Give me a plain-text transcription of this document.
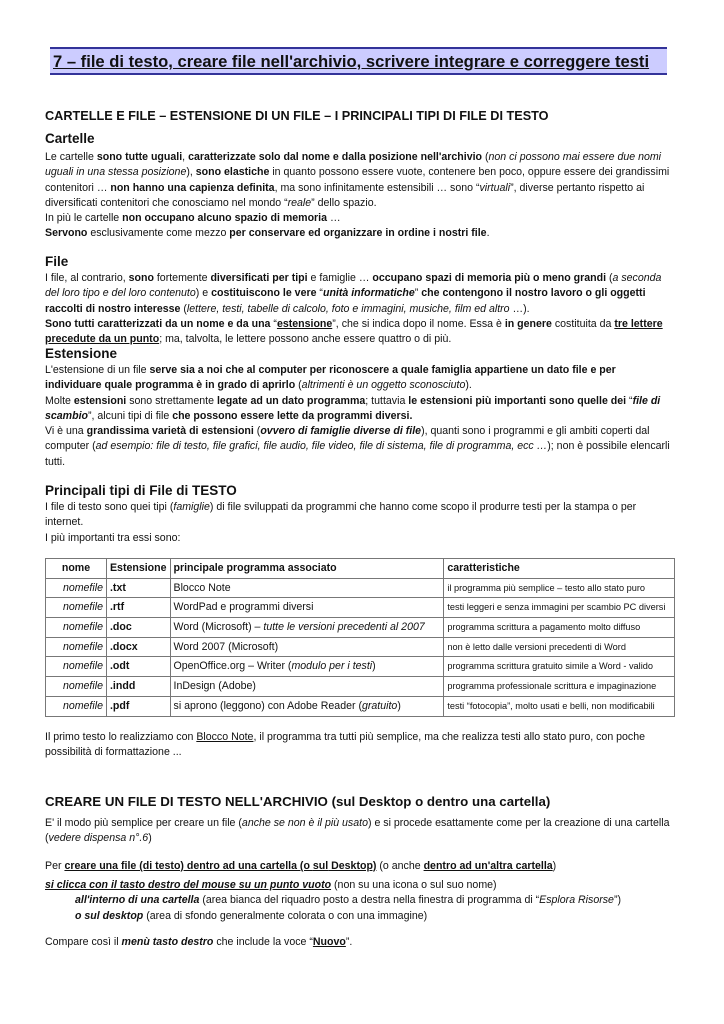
7 – file di testo, creare file nell'archivio, scrivere integrare e correggere testi
CARTELLE E FILE – ESTENSIONE DI UN FILE – I PRINCIPALI TIPI DI FILE DI TESTO
Cartelle
Le cartelle sono tutte uguali, caratterizzate solo dal nome e dalla posizione nell'archivio (non ci possono mai essere due nomi uguali in una stessa posizione), sono elastiche in quanto possono essere vuote, contenere ben poco, oppure essere dei grandissimi contenitori … non hanno una capienza definita, ma sono infinitamente estensibili … sono “virtuali”, diverse pertanto rispetto ai diversificati contenitori che conosciamo nel mondo “reale” dello spazio.
In più le cartelle non occupano alcuno spazio di memoria …
Servono esclusivamente come mezzo per conservare ed organizzare in ordine i nostri file.
File
I file, al contrario, sono fortemente diversificati per tipi e famiglie … occupano spazi di memoria più o meno grandi (a seconda del loro tipo e del loro contenuto) e costituiscono le vere “unità informatiche” che contengono il nostro lavoro o gli oggetti raccolti di nostro interesse (lettere, testi, tabelle di calcolo, foto e immagini, musiche, film ed altro …).
Sono tutti caratterizzati da un nome e da una “estensione”, che si indica dopo il nome. Essa è in genere costituita da tre lettere precedute da un punto; ma, talvolta, le lettere possono anche essere quattro o di più.
Estensione
L'estensione di un file serve sia a noi che al computer per riconoscere a quale famiglia appartiene un dato file e per individuare quale programma è in grado di aprirlo (altrimenti è un oggetto sconosciuto).
Molte estensioni sono strettamente legate ad un dato programma; tuttavia le estensioni più importanti sono quelle dei “file di scambio”, alcuni tipi di file che possono essere lette da programmi diversi.
Vi è una grandissima varietà di estensioni (ovvero di famiglie diverse di file), quanti sono i programmi e gli ambiti coperti dal computer (ad esempio: file di testo, file grafici, file audio, file video, file di sistema, file di programma, ecc …); non è possibile elencarli tutti.
Principali tipi di File di TESTO
I file di testo sono quei tipi (famiglie) di file sviluppati da programmi che hanno come scopo il produrre testi per la stampa o per internet.
I più importanti tra essi sono:
nome	Estensione	principale programma associato	caratteristiche
nomefile	.txt	Blocco Note	il programma più semplice – testo allo stato puro
nomefile	.rtf	WordPad e programmi diversi	testi leggeri e senza immagini per scambio PC diversi
nomefile	.doc	Word (Microsoft) – tutte le versioni precedenti al 2007	programma scrittura a pagamento molto diffuso
nomefile	.docx	Word 2007 (Microsoft)	non è letto dalle versioni precedenti di Word
nomefile	.odt	OpenOffice.org – Writer (modulo per i testi)	programma scrittura gratuito simile a Word - valido
nomefile	.indd	InDesign (Adobe)	programma professionale scrittura e impaginazione
nomefile	.pdf	si aprono (leggono) con Adobe Reader (gratuito)	testi “fotocopia”, molto usati e belli, non modificabili
Il primo testo lo realizziamo con Blocco Note, il programma tra tutti più semplice, ma che realizza testi allo stato puro, con poche possibilità di formattazione ...
CREARE UN FILE DI TESTO NELL'ARCHIVIO (sul Desktop o dentro una cartella)
E' il modo più semplice per creare un file (anche se non è il più usato) e si procede esattamente come per la creazione di una cartella (vedere dispensa n°.6)
Per creare una file (di testo) dentro ad una cartella (o sul Desktop) (o anche dentro ad un'altra cartella)
si clicca con il tasto destro del mouse su un punto vuoto (non su una icona o sul suo nome)
all'interno di una cartella (area bianca del riquadro posto a destra nella finestra di programma di “Esplora Risorse”)
o sul desktop (area di sfondo generalmente colorata o con una immagine)
Compare così il menù tasto destro che include la voce “Nuovo”.
